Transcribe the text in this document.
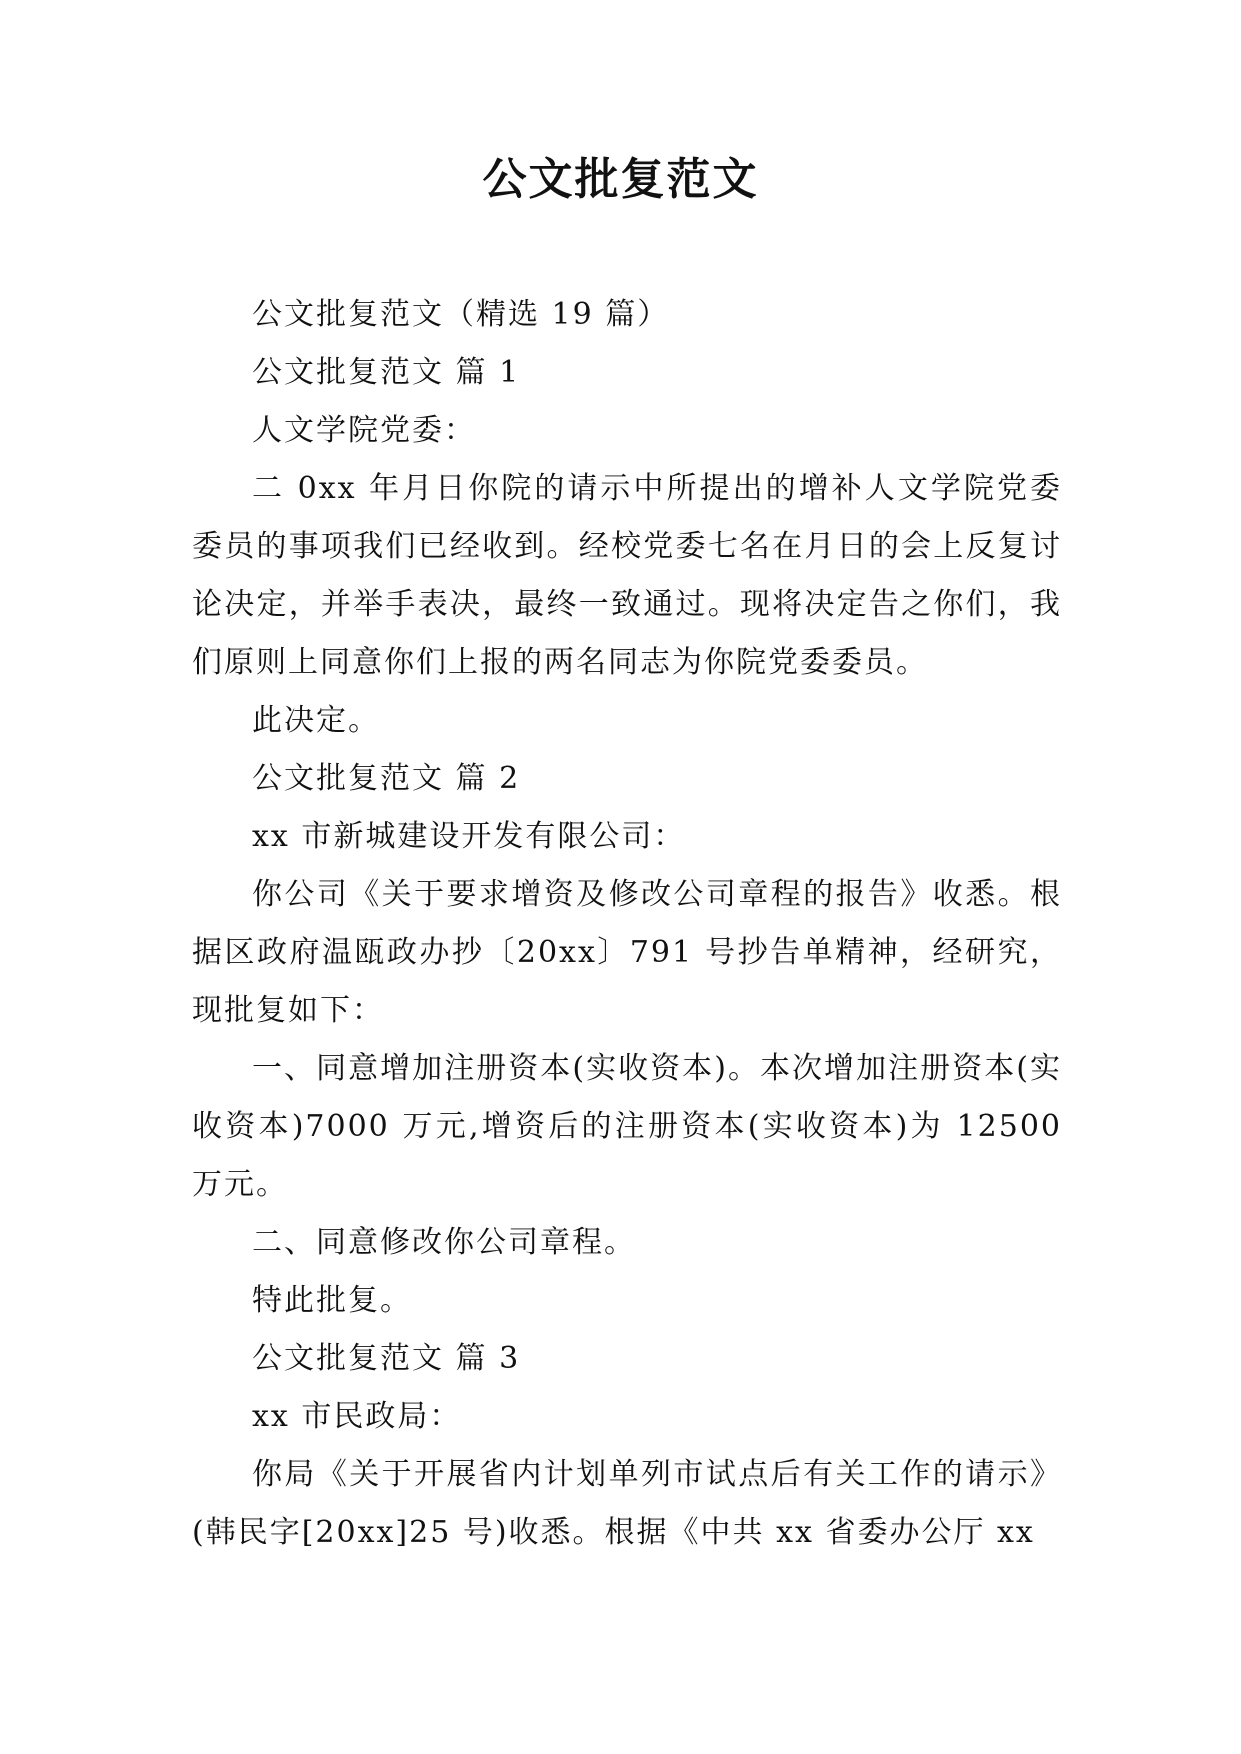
公文批复范文

公文批复范文（精选 19 篇）

公文批复范文 篇 1

人文学院党委：

二 0xx 年月日你院的请示中所提出的增补人文学院党委委员的事项我们已经收到。经校党委七名在月日的会上反复讨论决定，并举手表决，最终一致通过。现将决定告之你们，我们原则上同意你们上报的两名同志为你院党委委员。

此决定。

公文批复范文 篇 2

xx 市新城建设开发有限公司：

你公司《关于要求增资及修改公司章程的报告》收悉。根据区政府温瓯政办抄〔20xx〕791 号抄告单精神，经研究，现批复如下：

一、同意增加注册资本(实收资本)。本次增加注册资本(实收资本)7000 万元,增资后的注册资本(实收资本)为 12500 万元。

二、同意修改你公司章程。

特此批复。

公文批复范文 篇 3

xx 市民政局：

你局《关于开展省内计划单列市试点后有关工作的请示》(韩民字[20xx]25 号)收悉。根据《中共 xx 省委办公厅 xx
